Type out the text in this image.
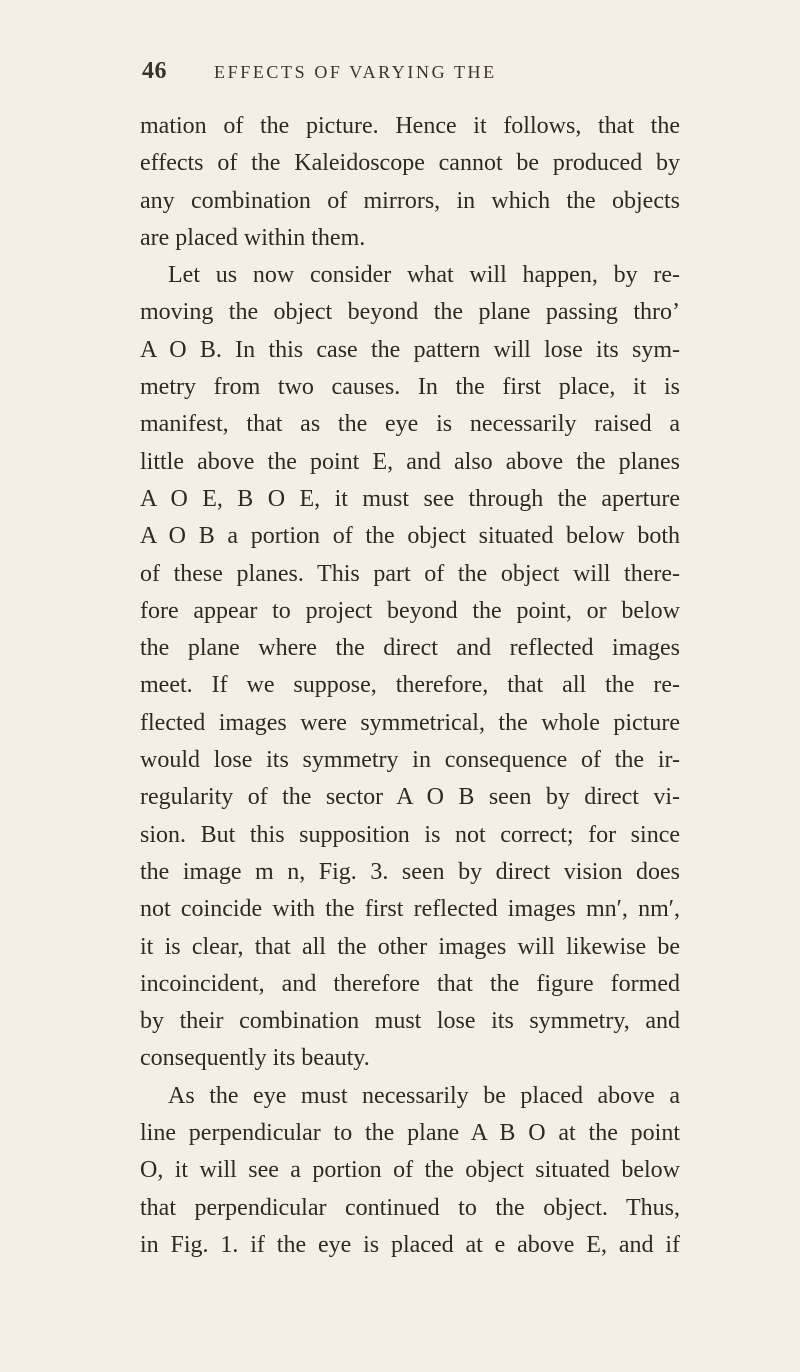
46	EFFECTS OF VARYING THE
mation of the picture. Hence it follows, that the
effects of the Kaleidoscope cannot be produced by
any combination of mirrors, in which the objects
are placed within them.
Let us now consider what will happen, by re-
moving the object beyond the plane passing thro’
A O B. In this case the pattern will lose its sym-
metry from two causes. In the first place, it is
manifest, that as the eye is necessarily raised a
little above the point E, and also above the planes
A O E, B O E, it must see through the aperture
A O B a portion of the object situated below both
of these planes. This part of the object will there-
fore appear to project beyond the point, or below
the plane where the direct and reflected images
meet. If we suppose, therefore, that all the re-
flected images were symmetrical, the whole picture
would lose its symmetry in consequence of the ir-
regularity of the sector A O B seen by direct vi-
sion. But this supposition is not correct; for since
the image m n, Fig. 3. seen by direct vision does
not coincide with the first reflected images mn′, nm′,
it is clear, that all the other images will likewise be
incoincident, and therefore that the figure formed
by their combination must lose its symmetry, and
consequently its beauty.
As the eye must necessarily be placed above a
line perpendicular to the plane A B O at the point
O, it will see a portion of the object situated below
that perpendicular continued to the object. Thus,
in Fig. 1. if the eye is placed at e above E, and if
